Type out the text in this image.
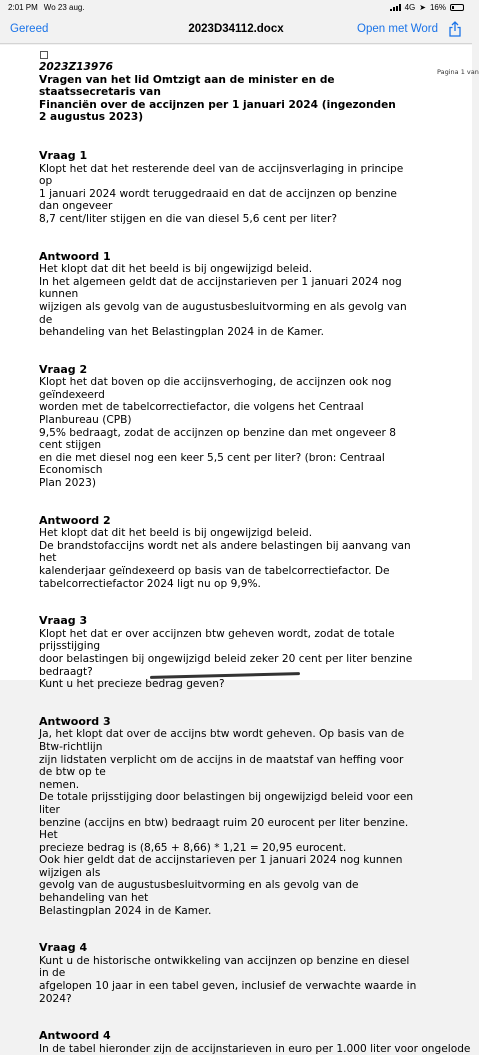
2:01 PM Wo 23 aug.	4G ➤ 16%
Gereed	2023D34112.docx	Open met Word
Pagina 1 van
2023Z13976
Vragen van het lid Omtzigt aan de minister en de staatssecretaris van
Financiën over de accijnzen per 1 januari 2024 (ingezonden
2 augustus 2023)
Vraag 1
Klopt het dat het resterende deel van de accijnsverlaging in principe op
1 januari 2024 wordt teruggedraaid en dat de accijnzen op benzine dan ongeveer
8,7 cent/liter stijgen en die van diesel 5,6 cent per liter?
Antwoord 1
Het klopt dat dit het beeld is bij ongewijzigd beleid.
In het algemeen geldt dat de accijnstarieven per 1 januari 2024 nog kunnen
wijzigen als gevolg van de augustusbesluitvorming en als gevolg van de
behandeling van het Belastingplan 2024 in de Kamer.
Vraag 2
Klopt het dat boven op die accijnsverhoging, de accijnzen ook nog geïndexeerd
worden met de tabelcorrectiefactor, die volgens het Centraal Planbureau (CPB)
9,5% bedraagt, zodat de accijnzen op benzine dan met ongeveer 8 cent stijgen
en die met diesel nog een keer 5,5 cent per liter? (bron: Centraal Economisch
Plan 2023)
Antwoord 2
Het klopt dat dit het beeld is bij ongewijzigd beleid.
De brandstofaccijns wordt net als andere belastingen bij aanvang van het
kalenderjaar geïndexeerd op basis van de tabelcorrectiefactor. De
tabelcorrectiefactor 2024 ligt nu op 9,9%.
Vraag 3
Klopt het dat er over accijnzen btw geheven wordt, zodat de totale prijsstijging
door belastingen bij ongewijzigd beleid zeker 20 cent per liter benzine bedraagt?
Kunt u het precieze bedrag geven?
Antwoord 3
Ja, het klopt dat over de accijns btw wordt geheven. Op basis van de Btw-richtlijn
zijn lidstaten verplicht om de accijns in de maatstaf van heffing voor de btw op te
nemen.
De totale prijsstijging door belastingen bij ongewijzigd beleid voor een liter
benzine (accijns en btw) bedraagt ruim 20 eurocent per liter benzine. Het
precieze bedrag is (8,65 + 8,66) * 1,21 = 20,95 eurocent.
Ook hier geldt dat de accijnstarieven per 1 januari 2024 nog kunnen wijzigen als
gevolg van de augustusbesluitvorming en als gevolg van de behandeling van het
Belastingplan 2024 in de Kamer.
Vraag 4
Kunt u de historische ontwikkeling van accijnzen op benzine en diesel in de
afgelopen 10 jaar in een tabel geven, inclusief de verwachte waarde in 2024?
Antwoord 4
In de tabel hieronder zijn de accijnstarieven in euro per 1.000 liter voor ongelode
